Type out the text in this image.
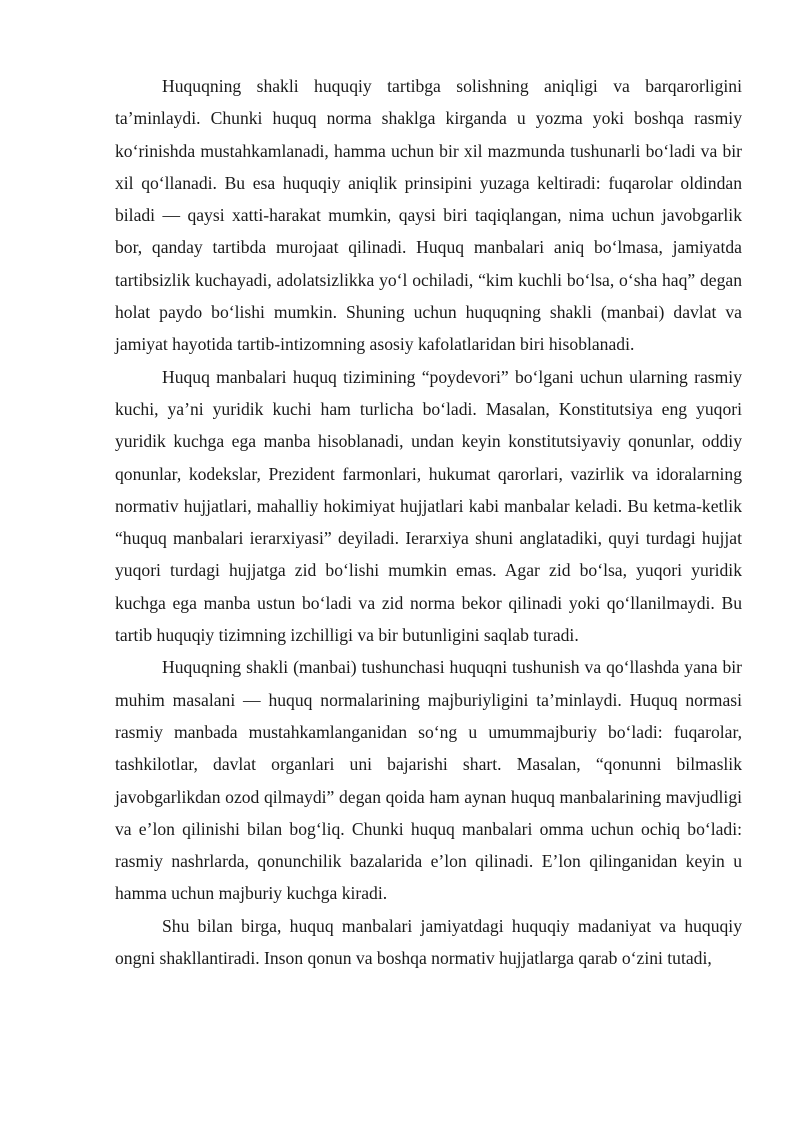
Huquqning shakli huquqiy tartibga solishning aniqligi va barqarorligini ta’minlaydi. Chunki huquq norma shaklga kirganda u yozma yoki boshqa rasmiy koʻrinishda mustahkamlanadi, hamma uchun bir xil mazmunda tushunarli boʻladi va bir xil qoʻllanadi. Bu esa huquqiy aniqlik prinsipini yuzaga keltiradi: fuqarolar oldindan biladi — qaysi xatti-harakat mumkin, qaysi biri taqiqlangan, nima uchun javobgarlik bor, qanday tartibda murojaat qilinadi. Huquq manbalari aniq boʻlmasa, jamiyatda tartibsizlik kuchayadi, adolatsizlikka yoʻl ochiladi, “kim kuchli boʻlsa, oʻsha haq” degan holat paydo boʻlishi mumkin. Shuning uchun huquqning shakli (manbai) davlat va jamiyat hayotida tartib-intizomning asosiy kafolatlaridan biri hisoblanadi.

Huquq manbalari huquq tizimining “poydevori” boʻlgani uchun ularning rasmiy kuchi, ya’ni yuridik kuchi ham turlicha boʻladi. Masalan, Konstitutsiya eng yuqori yuridik kuchga ega manba hisoblanadi, undan keyin konstitutsiyaviy qonunlar, oddiy qonunlar, kodekslar, Prezident farmonlari, hukumat qarorlari, vazirlik va idoralarning normativ hujjatlari, mahalliy hokimiyat hujjatlari kabi manbalar keladi. Bu ketma-ketlik “huquq manbalari ierarxiyasi” deyiladi. Ierarxiya shuni anglatadiki, quyi turdagi hujjat yuqori turdagi hujjatga zid boʻlishi mumkin emas. Agar zid boʻlsa, yuqori yuridik kuchga ega manba ustun boʻladi va zid norma bekor qilinadi yoki qoʻllanilmaydi. Bu tartib huquqiy tizimning izchilligi va bir butunligini saqlab turadi.

Huquqning shakli (manbai) tushunchasi huquqni tushunish va qoʻllashda yana bir muhim masalani — huquq normalarining majburiyligini ta’minlaydi. Huquq normasi rasmiy manbada mustahkamlanganidan soʻng u umummajburiy boʻladi: fuqarolar, tashkilotlar, davlat organlari uni bajarishi shart. Masalan, “qonunni bilmaslik javobgarlikdan ozod qilmaydi” degan qoida ham aynan huquq manbalarining mavjudligi va e’lon qilinishi bilan bogʻliq. Chunki huquq manbalari omma uchun ochiq boʻladi: rasmiy nashrlarda, qonunchilik bazalarida e’lon qilinadi. E’lon qilinganidan keyin u hamma uchun majburiy kuchga kiradi.

Shu bilan birga, huquq manbalari jamiyatdagi huquqiy madaniyat va huquqiy ongni shakllantiradi. Inson qonun va boshqa normativ hujjatlarga qarab oʻzini tutadi,
